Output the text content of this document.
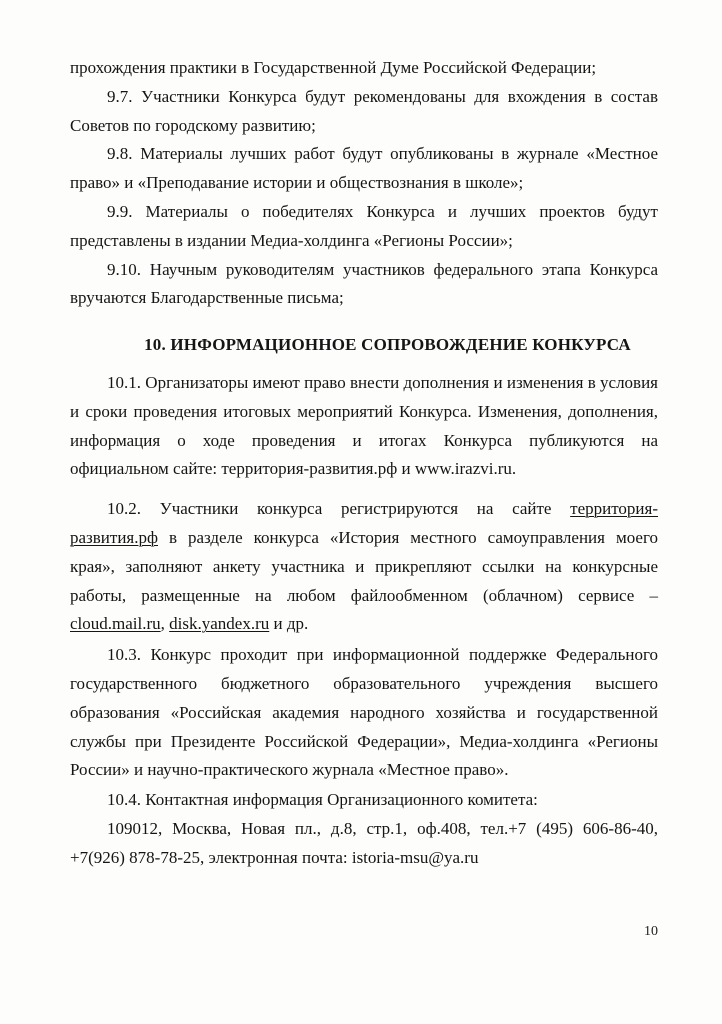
прохождения практики в Государственной Думе Российской Федерации;

9.7. Участники Конкурса будут рекомендованы для вхождения в состав Советов по городскому развитию;

9.8. Материалы лучших работ будут опубликованы в журнале «Местное право» и «Преподавание истории и обществознания в школе»;

9.9. Материалы о победителях Конкурса и лучших проектов будут представлены в издании Медиа-холдинга «Регионы России»;

9.10. Научным руководителям участников федерального этапа Конкурса вручаются Благодарственные письма;

10. ИНФОРМАЦИОННОЕ СОПРОВОЖДЕНИЕ КОНКУРСА

10.1. Организаторы имеют право внести дополнения и изменения в условия и сроки проведения итоговых мероприятий Конкурса. Изменения, дополнения, информация о ходе проведения и итогах Конкурса публикуются на официальном сайте: территория-развития.рф и www.irazvi.ru.

10.2. Участники конкурса регистрируются на сайте территория-развития.рф в разделе конкурса «История местного самоуправления моего края», заполняют анкету участника и прикрепляют ссылки на конкурсные работы, размещенные на любом файлообменном (облачном) сервисе – cloud.mail.ru, disk.yandex.ru и др.

10.3. Конкурс проходит при информационной поддержке Федерального государственного бюджетного образовательного учреждения высшего образования «Российская академия народного хозяйства и государственной службы при Президенте Российской Федерации», Медиа-холдинга «Регионы России» и научно-практического журнала «Местное право».

10.4. Контактная информация Организационного комитета:

109012, Москва, Новая пл., д.8, стр.1, оф.408, тел.+7 (495) 606-86-40, +7(926) 878-78-25, электронная почта: istoria-msu@ya.ru

10
